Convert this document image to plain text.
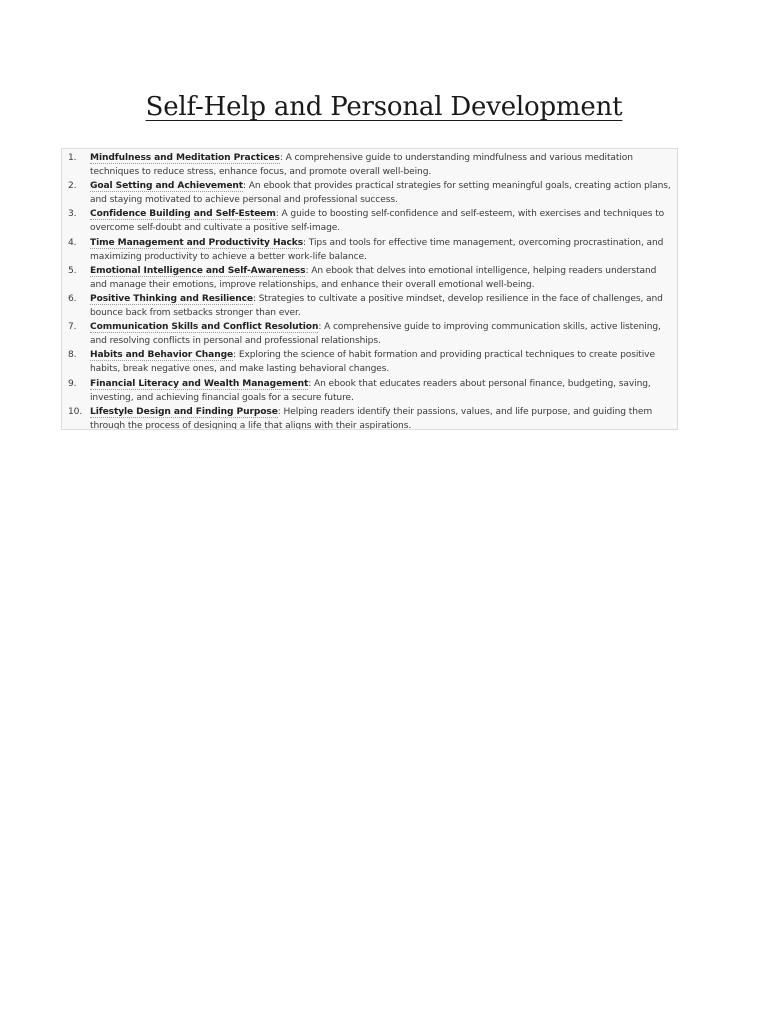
Self-Help and Personal Development
1.	Mindfulness and Meditation Practices: A comprehensive guide to understanding mindfulness and various meditation techniques to reduce stress, enhance focus, and promote overall well-being.
2.	Goal Setting and Achievement: An ebook that provides practical strategies for setting meaningful goals, creating action plans, and staying motivated to achieve personal and professional success.
3.	Confidence Building and Self-Esteem: A guide to boosting self-confidence and self-esteem, with exercises and techniques to overcome self-doubt and cultivate a positive self-image.
4.	Time Management and Productivity Hacks: Tips and tools for effective time management, overcoming procrastination, and maximizing productivity to achieve a better work-life balance.
5.	Emotional Intelligence and Self-Awareness: An ebook that delves into emotional intelligence, helping readers understand and manage their emotions, improve relationships, and enhance their overall emotional well-being.
6.	Positive Thinking and Resilience: Strategies to cultivate a positive mindset, develop resilience in the face of challenges, and bounce back from setbacks stronger than ever.
7.	Communication Skills and Conflict Resolution: A comprehensive guide to improving communication skills, active listening, and resolving conflicts in personal and professional relationships.
8.	Habits and Behavior Change: Exploring the science of habit formation and providing practical techniques to create positive habits, break negative ones, and make lasting behavioral changes.
9.	Financial Literacy and Wealth Management: An ebook that educates readers about personal finance, budgeting, saving, investing, and achieving financial goals for a secure future.
10. Lifestyle Design and Finding Purpose: Helping readers identify their passions, values, and life purpose, and guiding them through the process of designing a life that aligns with their aspirations.
